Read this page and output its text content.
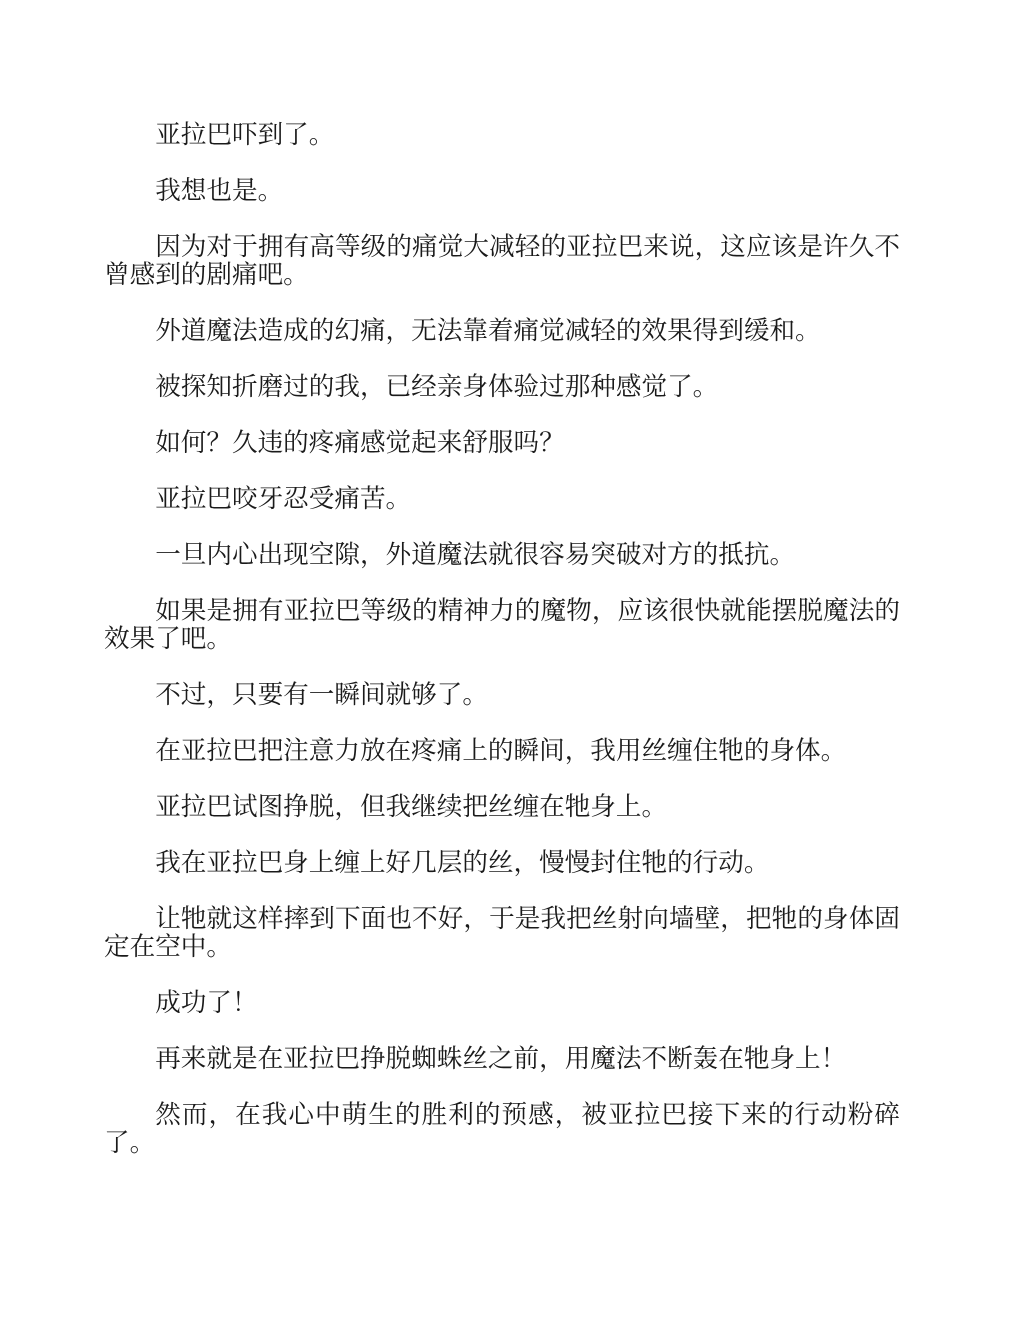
亚拉巴吓到了。

我想也是。

因为对于拥有高等级的痛觉大减轻的亚拉巴来说，这应该是许久不曾感到的剧痛吧。

外道魔法造成的幻痛，无法靠着痛觉减轻的效果得到缓和。

被探知折磨过的我，已经亲身体验过那种感觉了。

如何？久违的疼痛感觉起来舒服吗？

亚拉巴咬牙忍受痛苦。

一旦内心出现空隙，外道魔法就很容易突破对方的抵抗。

如果是拥有亚拉巴等级的精神力的魔物，应该很快就能摆脱魔法的效果了吧。

不过，只要有一瞬间就够了。

在亚拉巴把注意力放在疼痛上的瞬间，我用丝缠住牠的身体。

亚拉巴试图挣脱，但我继续把丝缠在牠身上。

我在亚拉巴身上缠上好几层的丝，慢慢封住牠的行动。

让牠就这样摔到下面也不好，于是我把丝射向墙壁，把牠的身体固定在空中。

成功了！

再来就是在亚拉巴挣脱蜘蛛丝之前，用魔法不断轰在牠身上！

然而，在我心中萌生的胜利的预感，被亚拉巴接下来的行动粉碎了。
